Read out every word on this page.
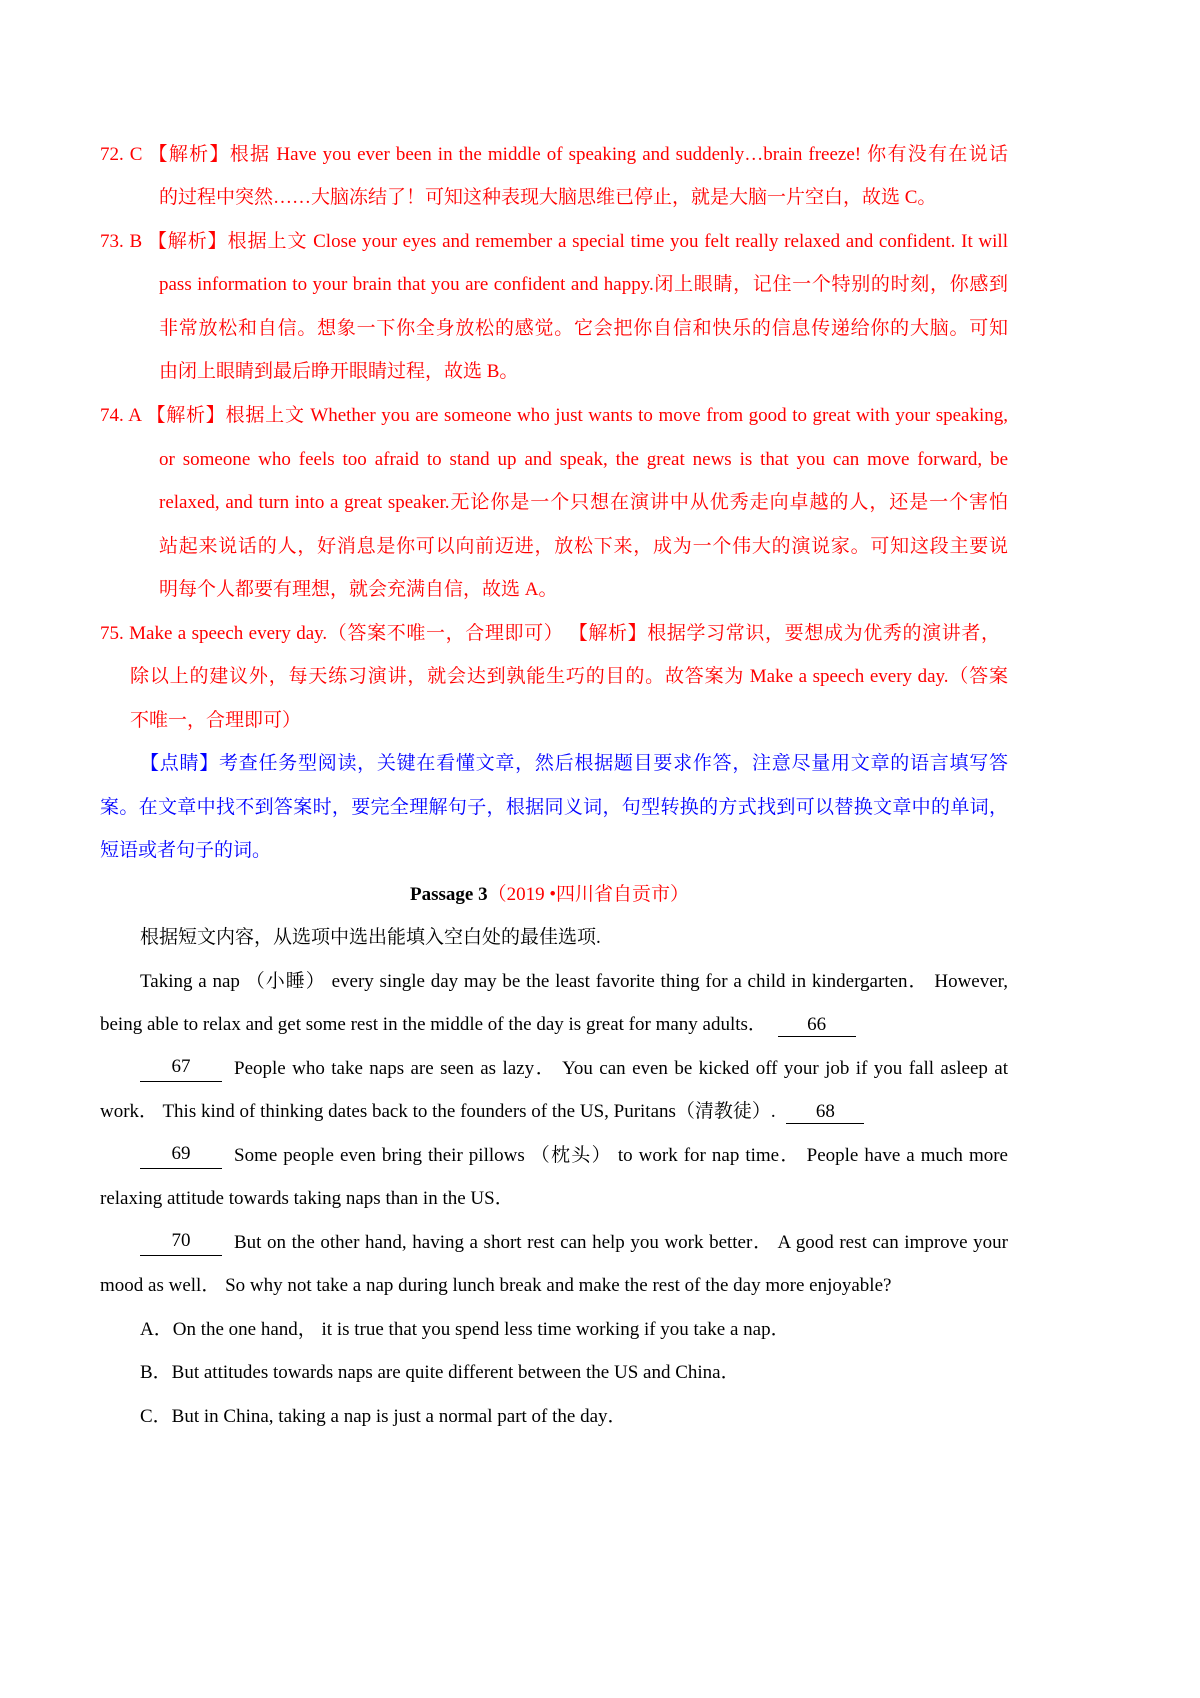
72. C 【解析】根据 Have you ever been in the middle of speaking and suddenly…brain freeze! 你有没有在说话
的过程中突然……大脑冻结了！可知这种表现大脑思维已停止，就是大脑一片空白，故选 C。
73. B 【解析】根据上文 Close your eyes and remember a special time you felt really relaxed and confident. It will
pass information to your brain that you are confident and happy.闭上眼睛，记住一个特别的时刻，你感到
非常放松和自信。想象一下你全身放松的感觉。它会把你自信和快乐的信息传递给你的大脑。可知
由闭上眼睛到最后睁开眼睛过程，故选 B。
74. A 【解析】根据上文 Whether you are someone who just wants to move from good to great with your speaking,
or someone who feels too afraid to stand up and speak, the great news is that you can move forward, be
relaxed, and turn into a great speaker.无论你是一个只想在演讲中从优秀走向卓越的人，还是一个害怕
站起来说话的人，好消息是你可以向前迈进，放松下来，成为一个伟大的演说家。可知这段主要说
明每个人都要有理想，就会充满自信，故选 A。
75. Make a speech every day.（答案不唯一，合理即可） 【解析】根据学习常识，要想成为优秀的演讲者，
除以上的建议外，每天练习演讲，就会达到孰能生巧的目的。故答案为 Make a speech every day.（答案
不唯一，合理即可）
【点睛】考查任务型阅读，关键在看懂文章，然后根据题目要求作答，注意尽量用文章的语言填写答
案。在文章中找不到答案时，要完全理解句子，根据同义词，句型转换的方式找到可以替换文章中的单词，
短语或者句子的词。
Passage 3（2019 •四川省自贡市）
根据短文内容，从选项中选出能填入空白处的最佳选项.
Taking a nap （小睡） every single day may be the least favorite thing for a child in kindergarten． However,
being able to relax and get some rest in the middle of the day is great for many adults． 66
67	People who take naps are seen as lazy． You can even be kicked off your job if you fall asleep at
work． This kind of thinking dates back to the founders of the US, Puritans（清教徒）. 68
69	Some people even bring their pillows （枕头） to work for nap time． People have a much more
relaxing attitude towards taking naps than in the US．
70	But on the other hand, having a short rest can help you work better． A good rest can improve your
mood as well． So why not take a nap during lunch break and make the rest of the day more enjoyable?
A．On the one hand， it is true that you spend less time working if you take a nap．
B．But attitudes towards naps are quite different between the US and China．
C．But in China, taking a nap is just a normal part of the day．
